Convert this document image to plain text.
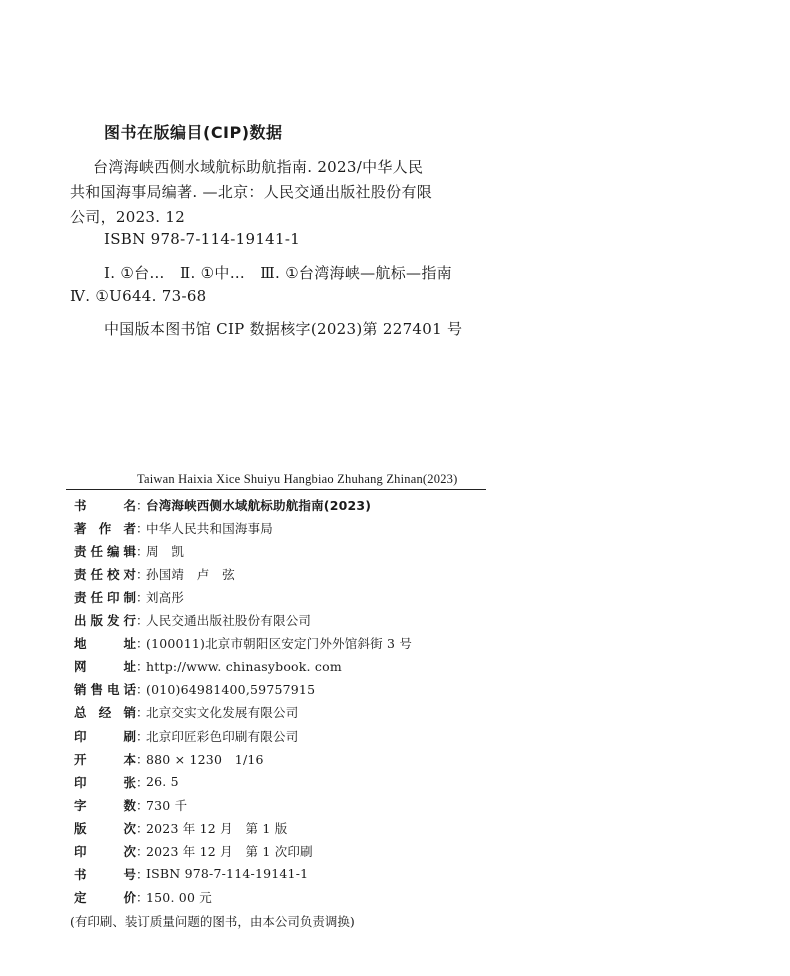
图书在版编目(CIP)数据
台湾海峡西侧水域航标助航指南. 2023/中华人民
共和国海事局编著. —北京：人民交通出版社股份有限
公司，2023. 12
ISBN 978-7-114-19141-1
Ⅰ. ①台…　Ⅱ. ①中…　Ⅲ. ①台湾海峡—航标—指南
Ⅳ. ①U644. 73-68
中国版本图书馆 CIP 数据核字(2023)第 227401 号
Taiwan Haixia Xice Shuiyu Hangbiao Zhuhang Zhinan(2023)
书	名 ：
台湾海峡西侧水域航标助航指南(2023)
著 作 者 ：
中华人民共和国海事局
责 任 编 辑 ：
周　凯
责 任 校 对 ：
孙国靖　卢　弦
责 任 印 制 ：
刘高彤
出 版 发 行 ：
人民交通出版社股份有限公司
地	址 ：
(100011)北京市朝阳区安定门外外馆斜街 3 号
网	址 ：
http://www. chinasybook. com
销 售 电 话 ：
(010)64981400,59757915
总 经 销 ：
北京交实文化发展有限公司
印	刷 ：
北京印匠彩色印刷有限公司
开	本 ：
880 × 1230　1/16
印	张 ：
26. 5
字	数 ：
730 千
版	次 ：
2023 年 12 月　第 1 版
印	次 ：
2023 年 12 月　第 1 次印刷
书	号 ：
ISBN 978-7-114-19141-1
定	价 ：
150. 00 元
(有印刷、装订质量问题的图书，由本公司负责调换)
